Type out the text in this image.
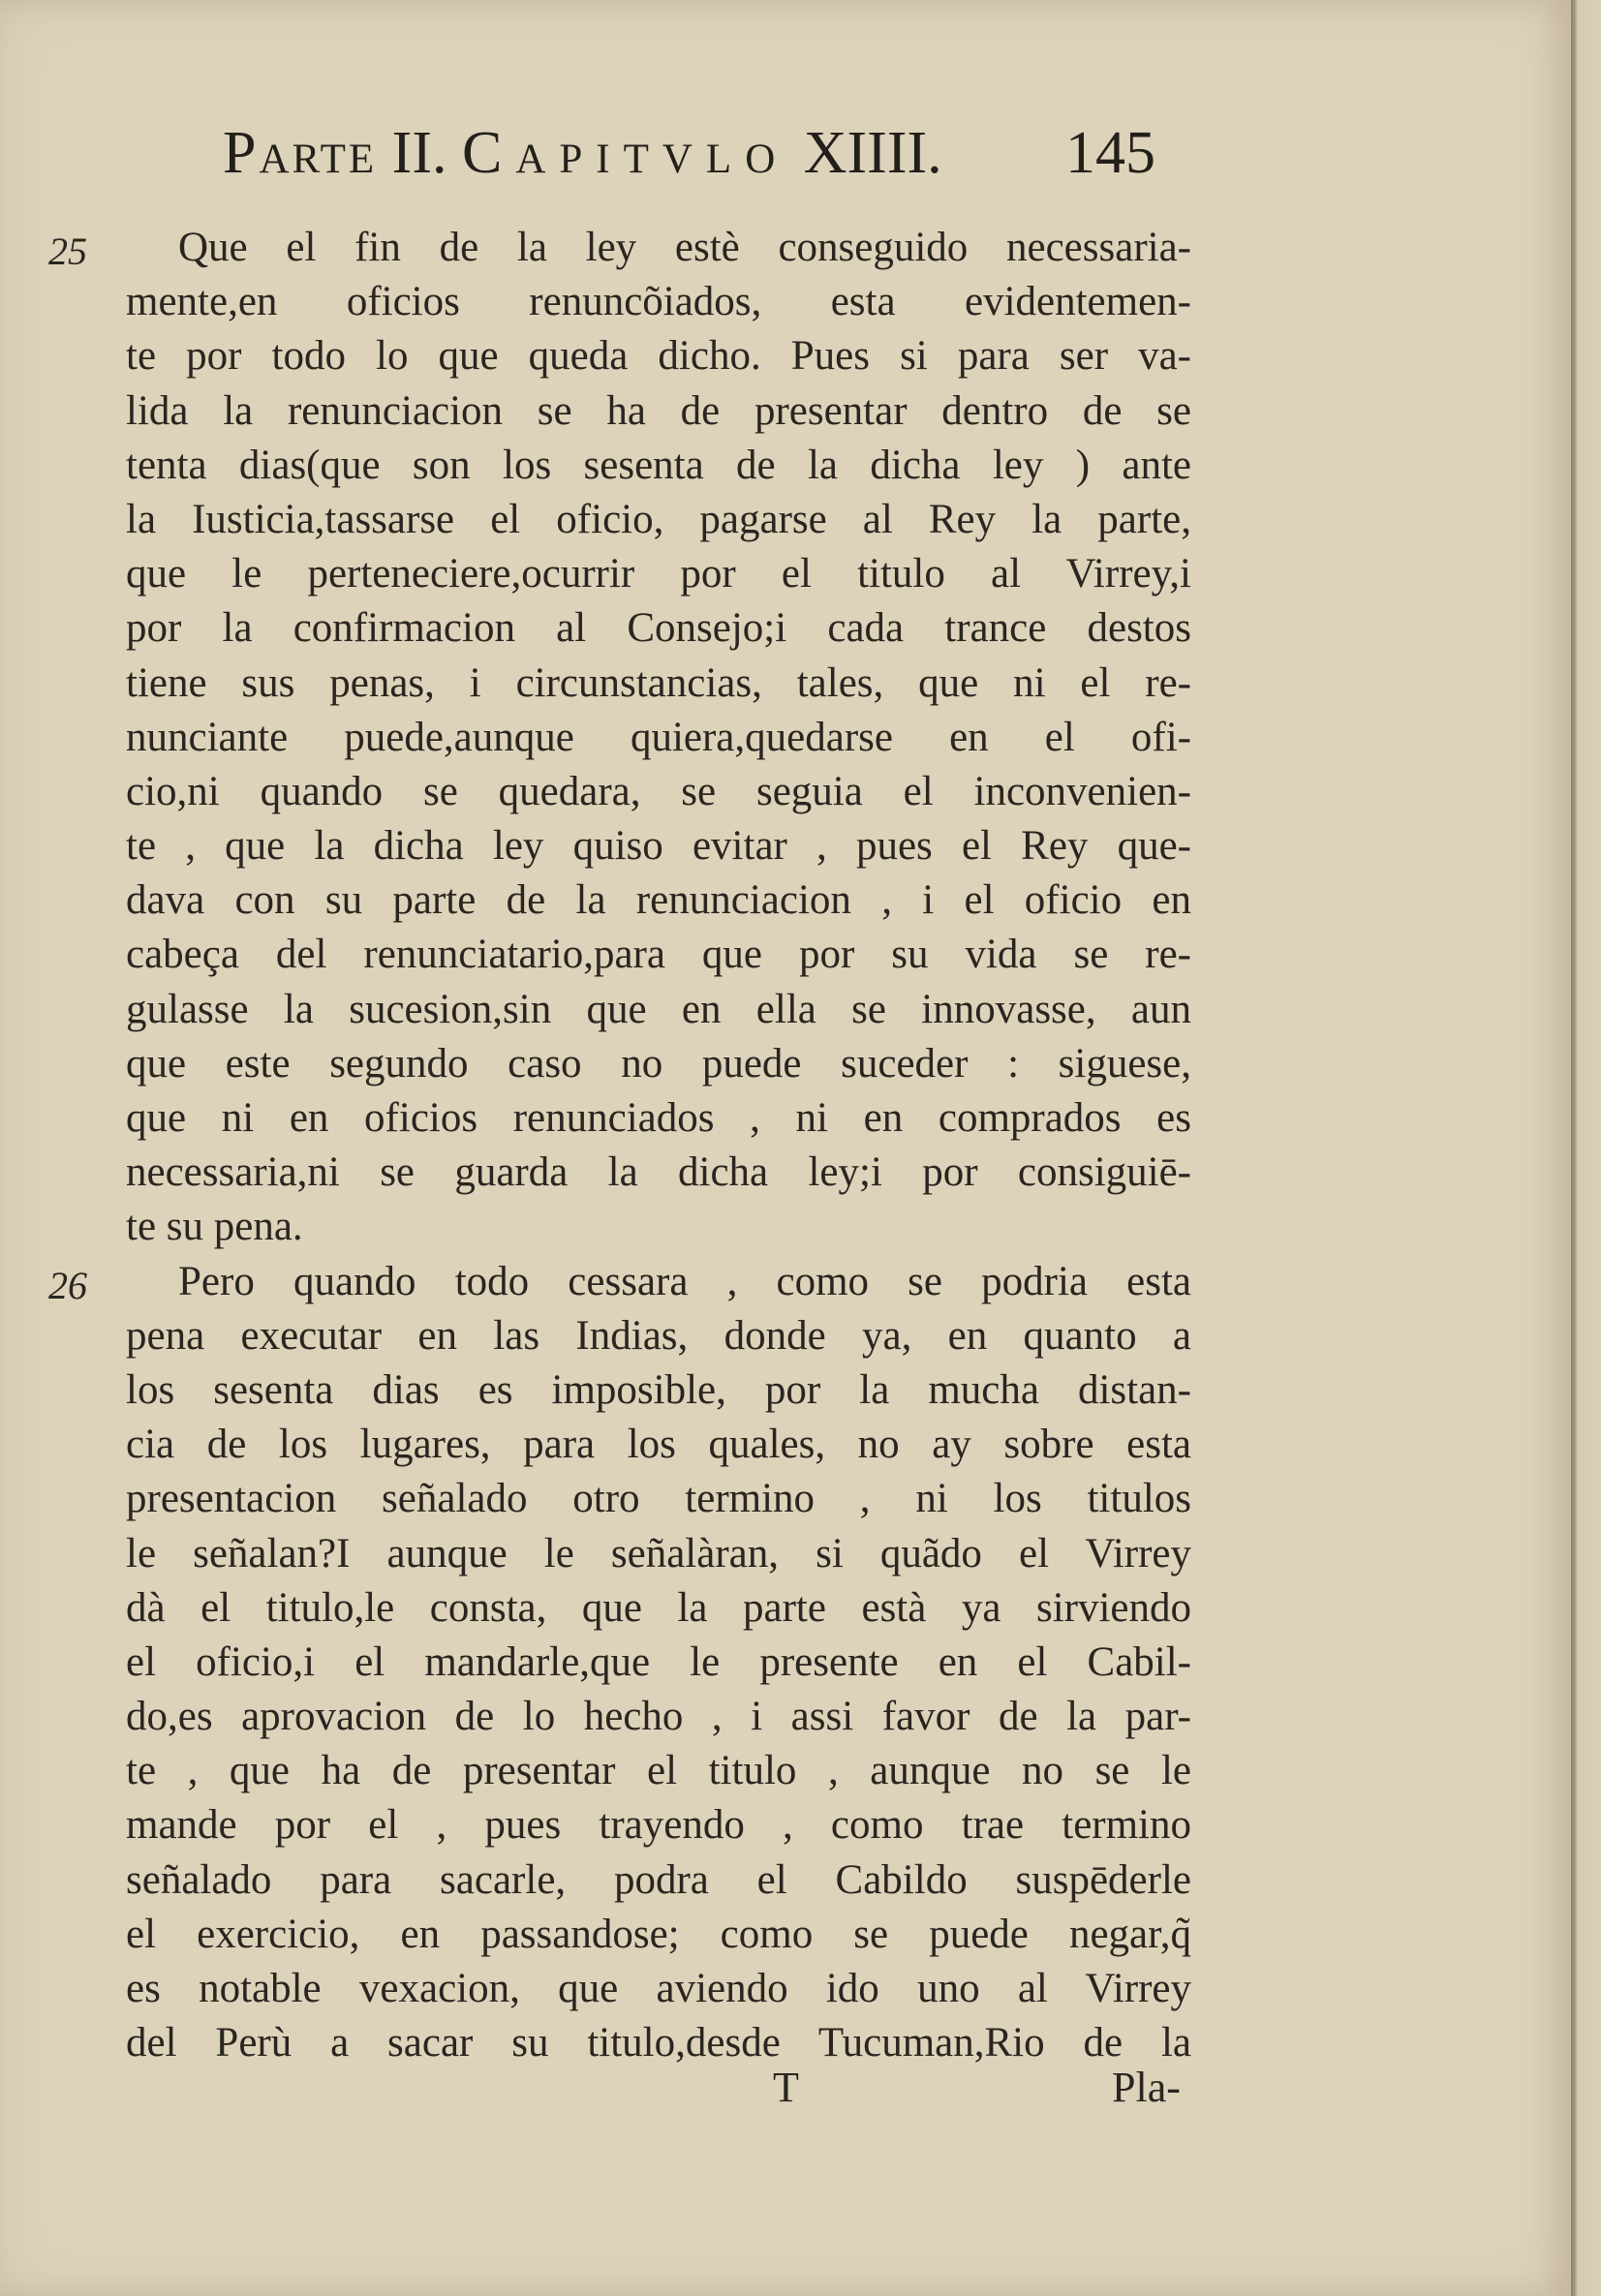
Parte II. Capitvlo XIIII. 145
25
26
Que el fin de la ley estè conseguido necessaria-
mente,en oficios renuncõiados, esta evidentemen-
te por todo lo que queda dicho. Pues si para ser va-
lida la renunciacion se ha de presentar dentro de se
tenta dias(que son los sesenta de la dicha ley ) ante
la Iusticia,tassarse el oficio, pagarse al Rey la parte,
que le perteneciere,ocurrir por el titulo al Virrey,i
por la confirmacion al Consejo;i cada trance destos
tiene sus penas, i circunstancias, tales, que ni el re-
nunciante puede,aunque quiera,quedarse en el ofi-
cio,ni quando se quedara, se seguia el inconvenien-
te , que la dicha ley quiso evitar , pues el Rey que-
dava con su parte de la renunciacion , i el oficio en
cabeça del renunciatario,para que por su vida se re-
gulasse la sucesion,sin que en ella se innovasse, aun
que este segundo caso no puede suceder : siguese,
que ni en oficios renunciados , ni en comprados es
necessaria,ni se guarda la dicha ley;i por consiguiē-
te su pena.
Pero quando todo cessara , como se podria esta
pena executar en las Indias, donde ya, en quanto a
los sesenta dias es imposible, por la mucha distan-
cia de los lugares, para los quales, no ay sobre esta
presentacion señalado otro termino , ni los titulos
le señalan?I aunque le señalàran, si quãdo el Virrey
dà el titulo,le consta, que la parte està ya sirviendo
el oficio,i el mandarle,que le presente en el Cabil-
do,es aprovacion de lo hecho , i assi favor de la par-
te , que ha de presentar el titulo , aunque no se le
mande por el , pues trayendo , como trae termino
señalado para sacarle, podra el Cabildo suspēderle
el exercicio, en passandose; como se puede negar,q̃
es notable vexacion, que aviendo ido uno al Virrey
del Perù a sacar su titulo,desde Tucuman,Rio de la
T	Pla-
